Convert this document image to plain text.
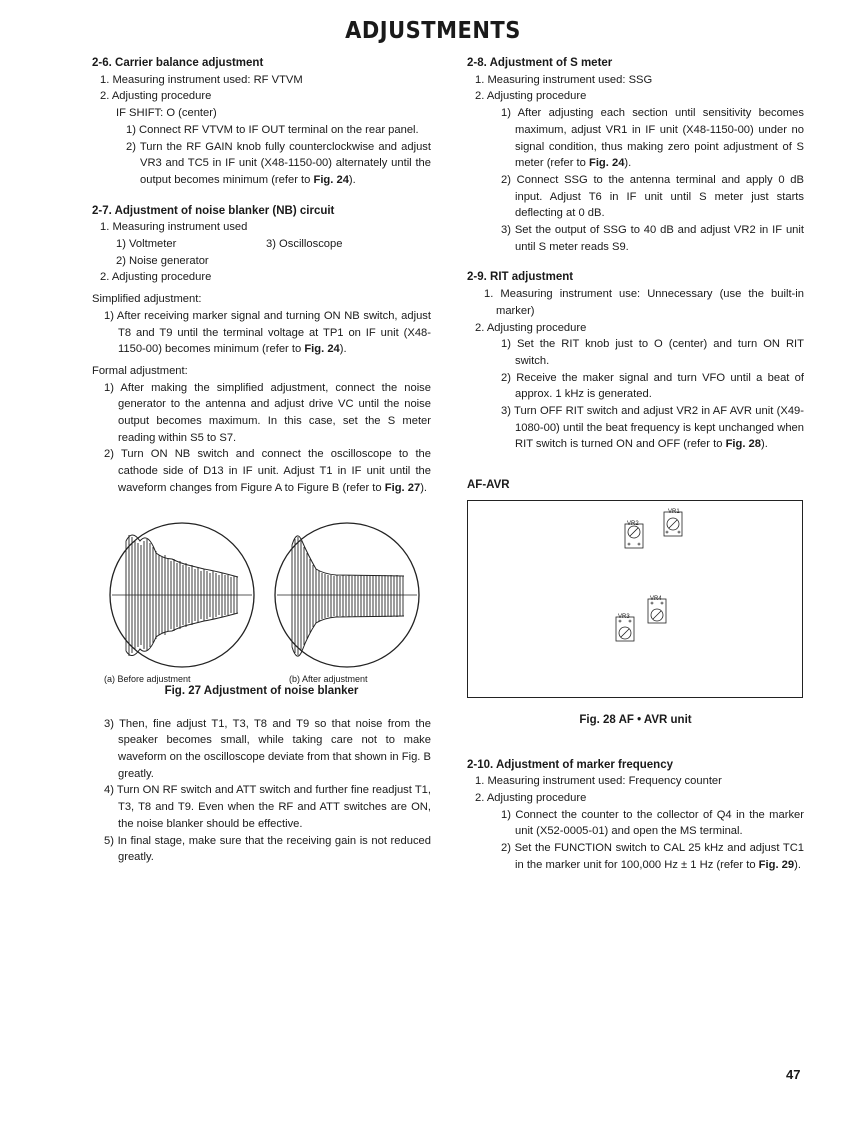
ADJUSTMENTS

2-6. Carrier balance adjustment

1. Measuring instrument used: RF VTVM

2. Adjusting procedure

IF SHIFT: O (center)

1) Connect RF VTVM to IF OUT terminal on the rear panel.

2) Turn the RF GAIN knob fully counterclockwise and adjust VR3 and TC5 in IF unit (X48-1150-00) alternately until the output becomes minimum (refer to Fig. 24).

2-7. Adjustment of noise blanker (NB) circuit

1. Measuring instrument used

1) Voltmeter	3) Oscilloscope

2) Noise generator

2. Adjusting procedure

Simplified adjustment:

1) After receiving marker signal and turning ON NB switch, adjust T8 and T9 until the terminal voltage at TP1 on IF unit (X48-1150-00) becomes minimum (refer to Fig. 24).

Formal adjustment:

1) After making the simplified adjustment, connect the noise generator to the antenna and adjust drive VC until the noise output becomes maximum. In this case, set the S meter reading within S5 to S7.

2) Turn ON NB switch and connect the oscilloscope to the cathode side of D13 in IF unit. Adjust T1 in IF unit until the waveform changes from Figure A to Figure B (refer to Fig. 27).

(a) Before adjustment	(b) After adjustment
Fig. 27 Adjustment of noise blanker

3) Then, fine adjust T1, T3, T8 and T9 so that noise from the speaker becomes small, while taking care not to make waveform on the oscilloscope deviate from that shown in Fig. B greatly.

4) Turn ON RF switch and ATT switch and further fine readjust T1, T3, T8 and T9. Even when the RF and ATT switches are ON, the noise blanker should be effective.

5) In final stage, make sure that the receiving gain is not reduced greatly.

2-8. Adjustment of S meter

1. Measuring instrument used: SSG

2. Adjusting procedure

1) After adjusting each section until sensitivity becomes maximum, adjust VR1 in IF unit (X48-1150-00) under no signal condition, thus making zero point adjustment of S meter (refer to Fig. 24).

2) Connect SSG to the antenna terminal and apply 0 dB input. Adjust T6 in IF unit until S meter just starts deflecting at 0 dB.

3) Set the output of SSG to 40 dB and adjust VR2 in IF unit until S meter reads S9.

2-9. RIT adjustment

1. Measuring instrument use: Unnecessary (use the built-in marker)

2. Adjusting procedure

1) Set the RIT knob just to O (center) and turn ON RIT switch.

2) Receive the maker signal and turn VFO until a beat of approx. 1 kHz is generated.

3) Turn OFF RIT switch and adjust VR2 in AF AVR unit (X49-1080-00) until the beat frequency is kept unchanged when RIT switch is turned ON and OFF (refer to Fig. 28).

AF-AVR
VR2
VR1
VR4
VR3
Fig. 28 AF • AVR unit

2-10. Adjustment of marker frequency

1. Measuring instrument used: Frequency counter

2. Adjusting procedure

1) Connect the counter to the collector of Q4 in the marker unit (X52-0005-01) and open the MS terminal.

2) Set the FUNCTION switch to CAL 25 kHz and adjust TC1 in the marker unit for 100,000 Hz ± 1 Hz (refer to Fig. 29).

47
